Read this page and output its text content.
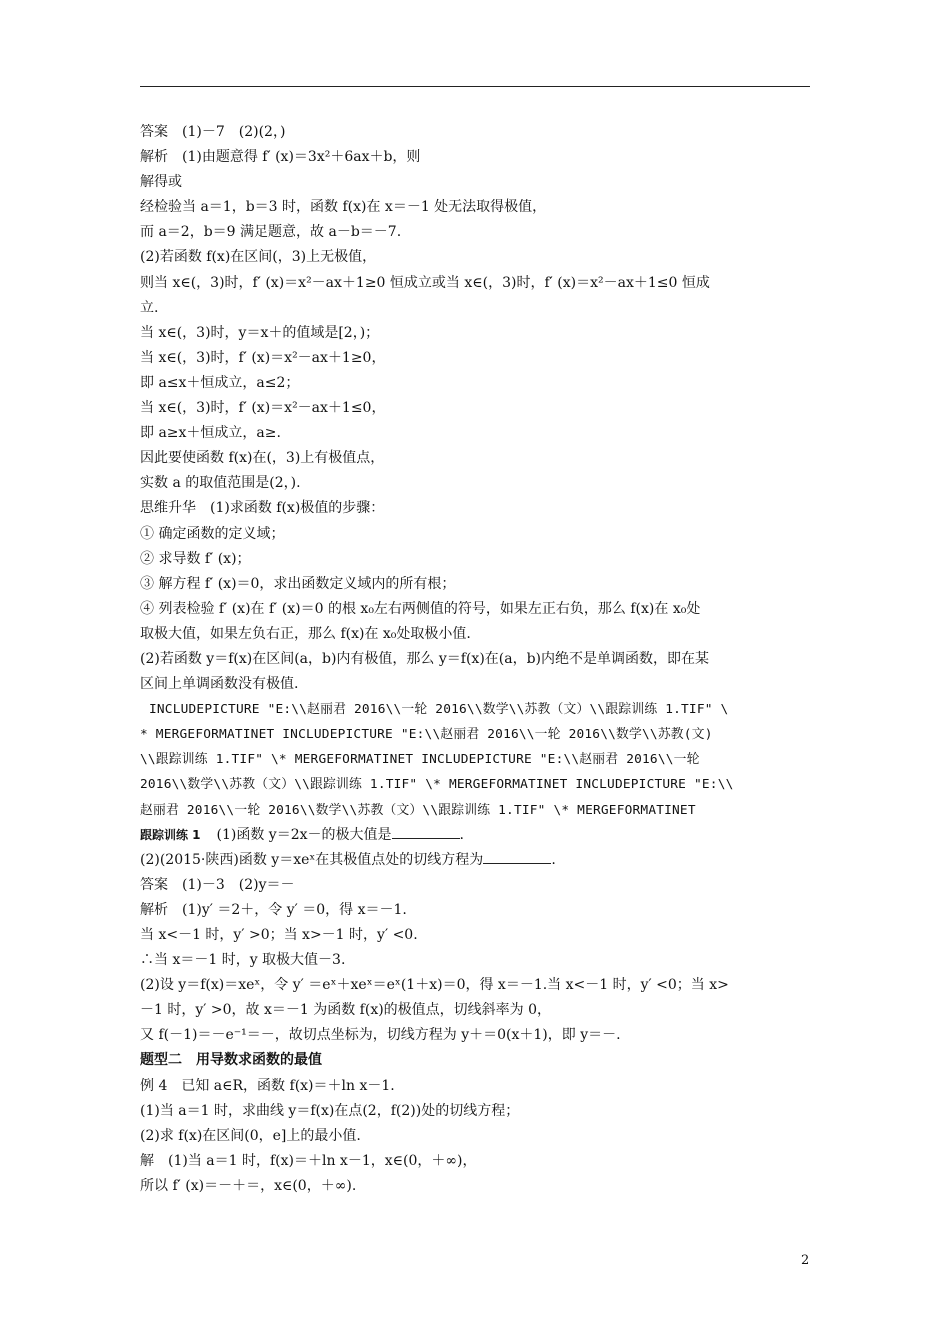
答案　(1)－7　(2)(2，)
解析　(1)由题意得 f′ (x)＝3x²＋6ax＋b，则
解得或
经检验当 a＝1，b＝3 时，函数 f(x)在 x＝－1 处无法取得极值，
而 a＝2，b＝9 满足题意，故 a－b＝－7.
(2)若函数 f(x)在区间(，3)上无极值，
则当 x∈(，3)时，f′ (x)＝x²－ax＋1≥0 恒成立或当 x∈(，3)时，f′ (x)＝x²－ax＋1≤0 恒成
立.
当 x∈(，3)时，y＝x＋的值域是[2，)；
当 x∈(，3)时，f′ (x)＝x²－ax＋1≥0，
即 a≤x＋恒成立，a≤2；
当 x∈(，3)时，f′ (x)＝x²－ax＋1≤0，
即 a≥x＋恒成立，a≥.
因此要使函数 f(x)在(，3)上有极值点，
实数 a 的取值范围是(2，).
思维升华　(1)求函数 f(x)极值的步骤：
① 确定函数的定义域；
② 求导数 f′ (x)；
③ 解方程 f′ (x)＝0，求出函数定义域内的所有根；
④ 列表检验 f′ (x)在 f′ (x)＝0 的根 x₀左右两侧值的符号，如果左正右负，那么 f(x)在 x₀处
取极大值，如果左负右正，那么 f(x)在 x₀处取极小值.
(2)若函数 y＝f(x)在区间(a，b)内有极值，那么 y＝f(x)在(a，b)内绝不是单调函数，即在某
区间上单调函数没有极值.
INCLUDEPICTURE "E:\\赵丽君 2016\\一轮 2016\\数学\\苏教（文）\\跟踪训练 1.TIF" \
* MERGEFORMATINET INCLUDEPICTURE "E:\\赵丽君 2016\\一轮 2016\\数学\\苏教(文)
\\跟踪训练 1.TIF" \* MERGEFORMATINET INCLUDEPICTURE "E:\\赵丽君 2016\\一轮
2016\\数学\\苏教（文）\\跟踪训练 1.TIF" \* MERGEFORMATINET INCLUDEPICTURE "E:\\
赵丽君 2016\\一轮 2016\\数学\\苏教（文）\\跟踪训练 1.TIF" \* MERGEFORMATINET
跟踪训练 1 (1)函数 y＝2x－的极大值是	.
(2)(2015·陕西)函数 y＝xeˣ在其极值点处的切线方程为	.
答案　(1)－3　(2)y＝－
解析　(1)y′ ＝2＋，令 y′ ＝0，得 x＝－1.
当 x<－1 时，y′ >0；当 x>－1 时，y′ <0.
∴当 x＝－1 时，y 取极大值－3.
(2)设 y＝f(x)＝xeˣ，令 y′ ＝eˣ＋xeˣ＝eˣ(1＋x)＝0，得 x＝－1.当 x<－1 时，y′ <0；当 x>
－1 时，y′ >0，故 x＝－1 为函数 f(x)的极值点，切线斜率为 0，
又 f(－1)＝－e⁻¹＝－，故切点坐标为，切线方程为 y＋＝0(x＋1)，即 y＝－.
题型二　用导数求函数的最值
例 4　已知 a∈R，函数 f(x)＝＋ln x－1.
(1)当 a＝1 时，求曲线 y＝f(x)在点(2，f(2))处的切线方程；
(2)求 f(x)在区间(0，e]上的最小值.
解　(1)当 a＝1 时，f(x)＝＋ln x－1，x∈(0，＋∞)，
所以 f′ (x)＝－＋＝，x∈(0，＋∞).
2
